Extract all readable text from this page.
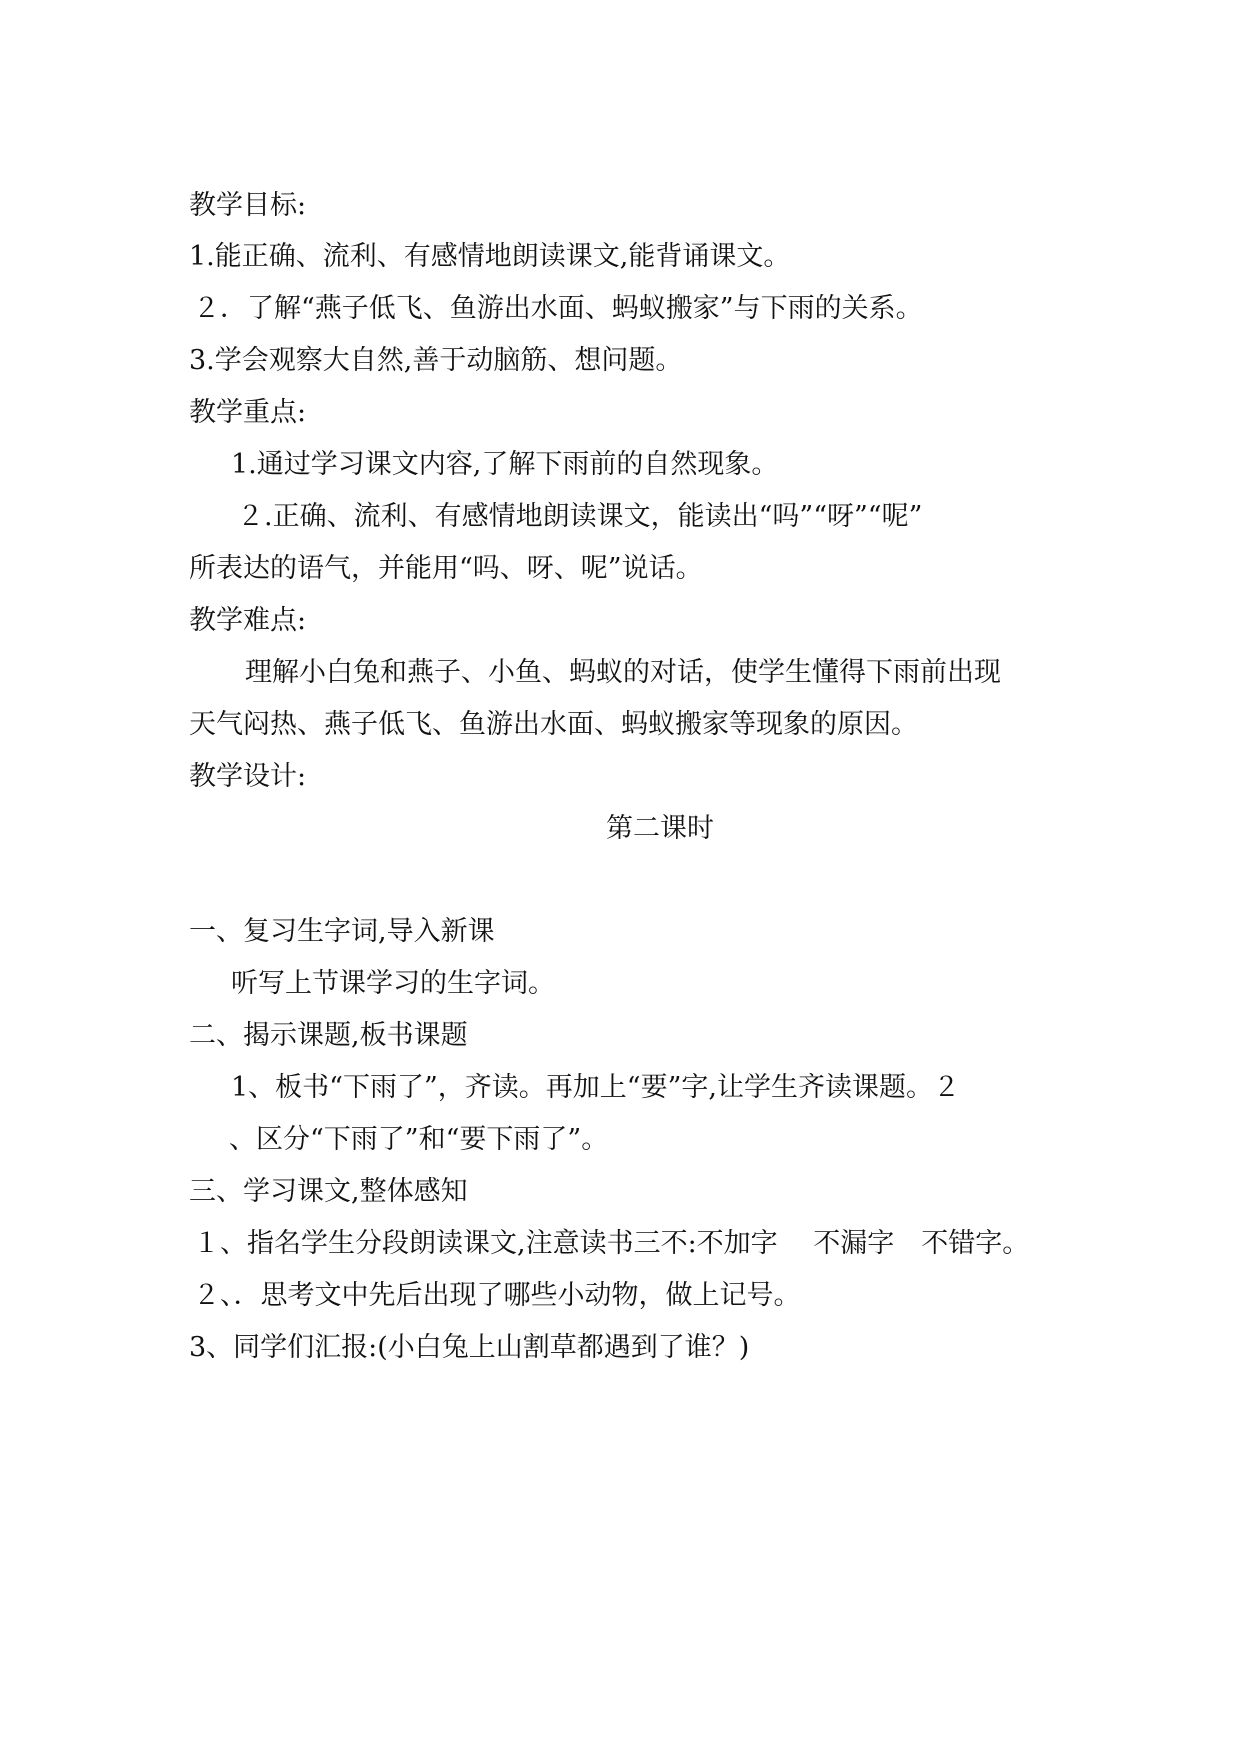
教学目标:
1.能正确、流利、有感情地朗读课文,能背诵课文。
２．了解“燕子低飞、鱼游出水面、蚂蚁搬家”与下雨的关系。
3.学会观察大自然,善于动脑筋、想问题。
教学重点:
1.通过学习课文内容,了解下雨前的自然现象。
２.正确、流利、有感情地朗读课文，能读出“吗”“呀”“呢”
所表达的语气，并能用“吗、呀、呢”说话。
教学难点:
理解小白兔和燕子、小鱼、蚂蚁的对话，使学生懂得下雨前出现
天气闷热、燕子低飞、鱼游出水面、蚂蚁搬家等现象的原因。
教学设计:
第二课时
一、复习生字词,导入新课
听写上节课学习的生字词。
二、揭示课题,板书课题
1、板书“下雨了”，齐读。再加上“要”字,让学生齐读课题。２
、区分“下雨了”和“要下雨了”。
三、学习课文,整体感知
１、指名学生分段朗读课文,注意读书三不:不加字　 不漏字　不错字。
２、．思考文中先后出现了哪些小动物，做上记号。
3、同学们汇报:(小白兔上山割草都遇到了谁？)
